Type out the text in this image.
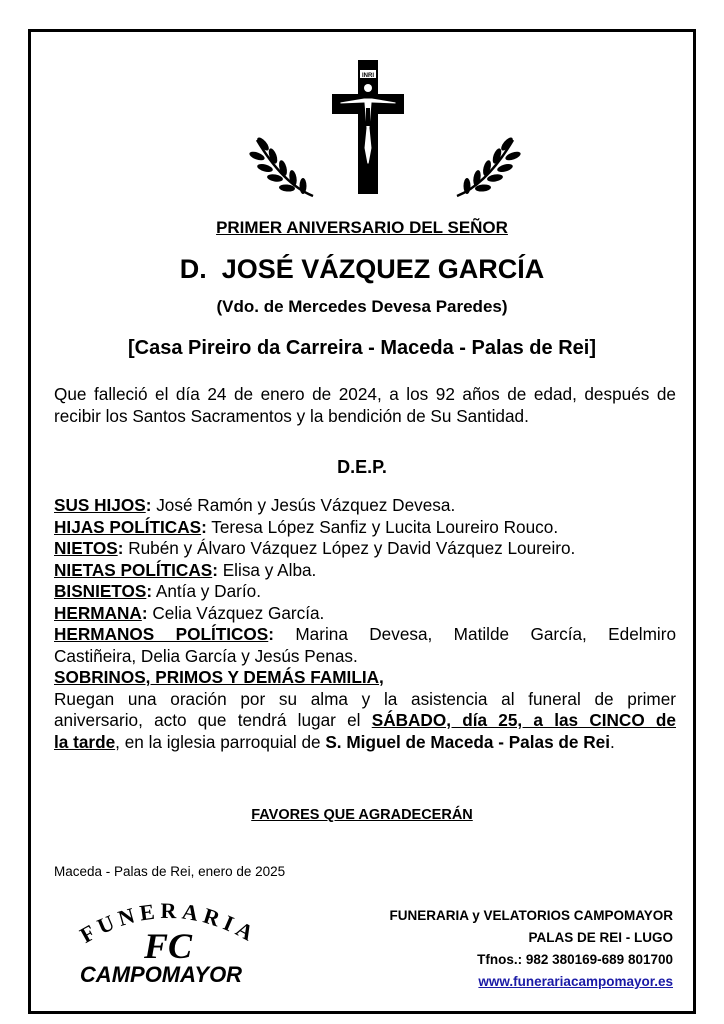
INRI
PRIMER ANIVERSARIO DEL SEÑOR
D.  JOSÉ VÁZQUEZ GARCÍA
(Vdo. de Mercedes Devesa Paredes)
[Casa Pireiro da Carreira - Maceda - Palas de Rei]
Que falleció el día 24 de enero de 2024, a los 92 años de edad, después de recibir los Santos Sacramentos y la bendición de Su Santidad.
D.E.P.
SUS HIJOS: José Ramón y Jesús Vázquez Devesa.
HIJAS POLÍTICAS: Teresa López Sanfiz y Lucita Loureiro Rouco.
NIETOS: Rubén y Álvaro Vázquez López y David Vázquez Loureiro.
NIETAS POLÍTICAS: Elisa y Alba.
BISNIETOS: Antía y Darío.
HERMANA: Celia Vázquez García.
HERMANOS POLÍTICOS: Marina Devesa, Matilde García, Edelmiro
Castiñeira, Delia García y Jesús Penas.
SOBRINOS, PRIMOS Y DEMÁS FAMILIA,
Ruegan una oración por su alma y la asistencia al funeral de primer
aniversario, acto que tendrá lugar el SÁBADO, día 25, a las CINCO de
la tarde, en la iglesia parroquial de S. Miguel de Maceda - Palas de Rei.
FAVORES QUE AGRADECERÁN
Maceda - Palas de Rei, enero de 2025
FUNERARIA
FC
CAMPOMAYOR
FUNERARIA y VELATORIOS CAMPOMAYOR
PALAS DE REI - LUGO
Tfnos.: 982 380169-689 801700
www.funerariacampomayor.es
